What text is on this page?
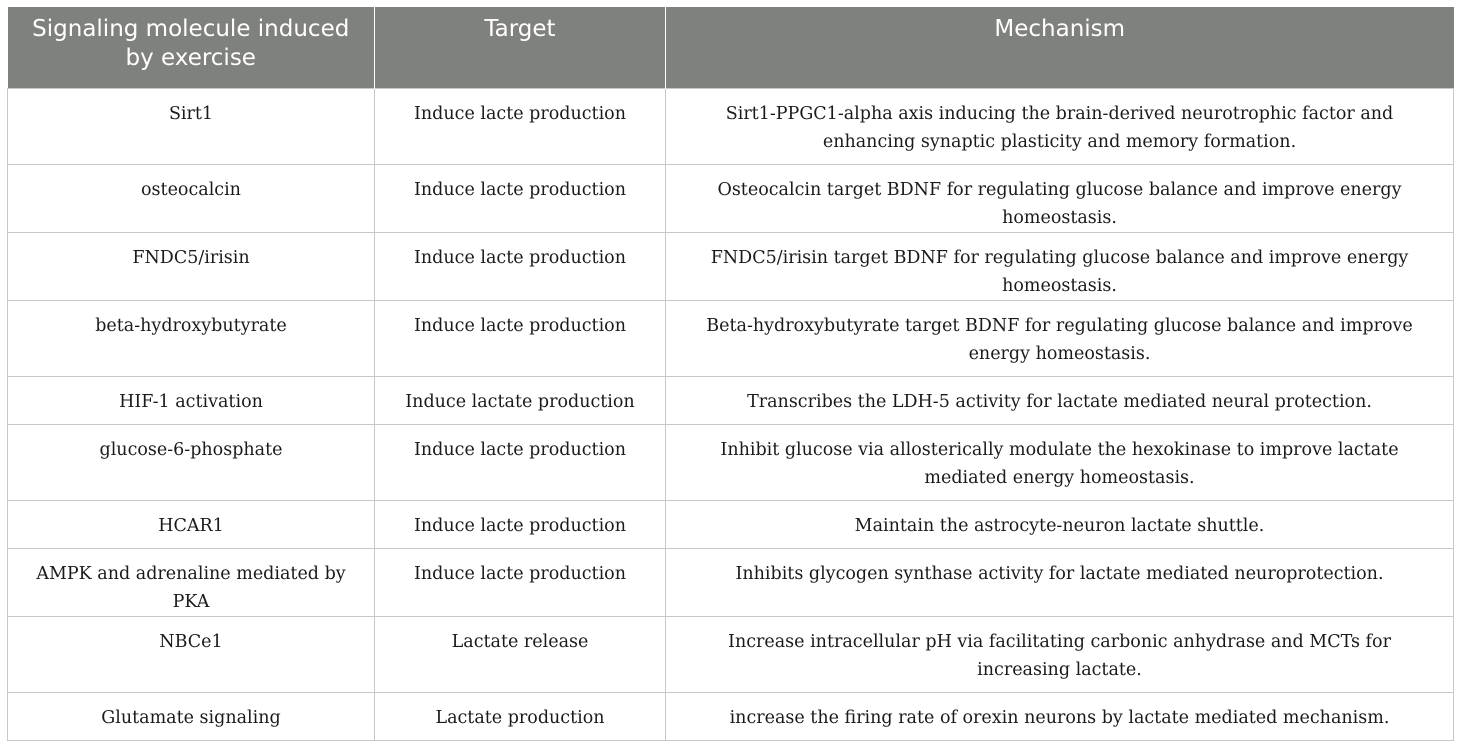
Signaling molecule induced by exercise	Target	Mechanism
Sirt1	Induce lacte production	Sirt1-PPGC1-alpha axis inducing the brain-derived neurotrophic factor and enhancing synaptic plasticity and memory formation.
osteocalcin	Induce lacte production	Osteocalcin target BDNF for regulating glucose balance and improve energy homeostasis.
FNDC5/irisin	Induce lacte production	FNDC5/irisin target BDNF for regulating glucose balance and improve energy homeostasis.
beta-hydroxybutyrate	Induce lacte production	Beta-hydroxybutyrate target BDNF for regulating glucose balance and improve energy homeostasis.
HIF-1 activation	Induce lactate production	Transcribes the LDH-5 activity for lactate mediated neural protection.
glucose-6-phosphate	Induce lacte production	Inhibit glucose via allosterically modulate the hexokinase to improve lactate mediated energy homeostasis.
HCAR1	Induce lacte production	Maintain the astrocyte-neuron lactate shuttle.
AMPK and adrenaline mediated by PKA	Induce lacte production	Inhibits glycogen synthase activity for lactate mediated neuroprotection.
NBCe1	Lactate release	Increase intracellular pH via facilitating carbonic anhydrase and MCTs for increasing lactate.
Glutamate signaling	Lactate production	increase the firing rate of orexin neurons by lactate mediated mechanism.
